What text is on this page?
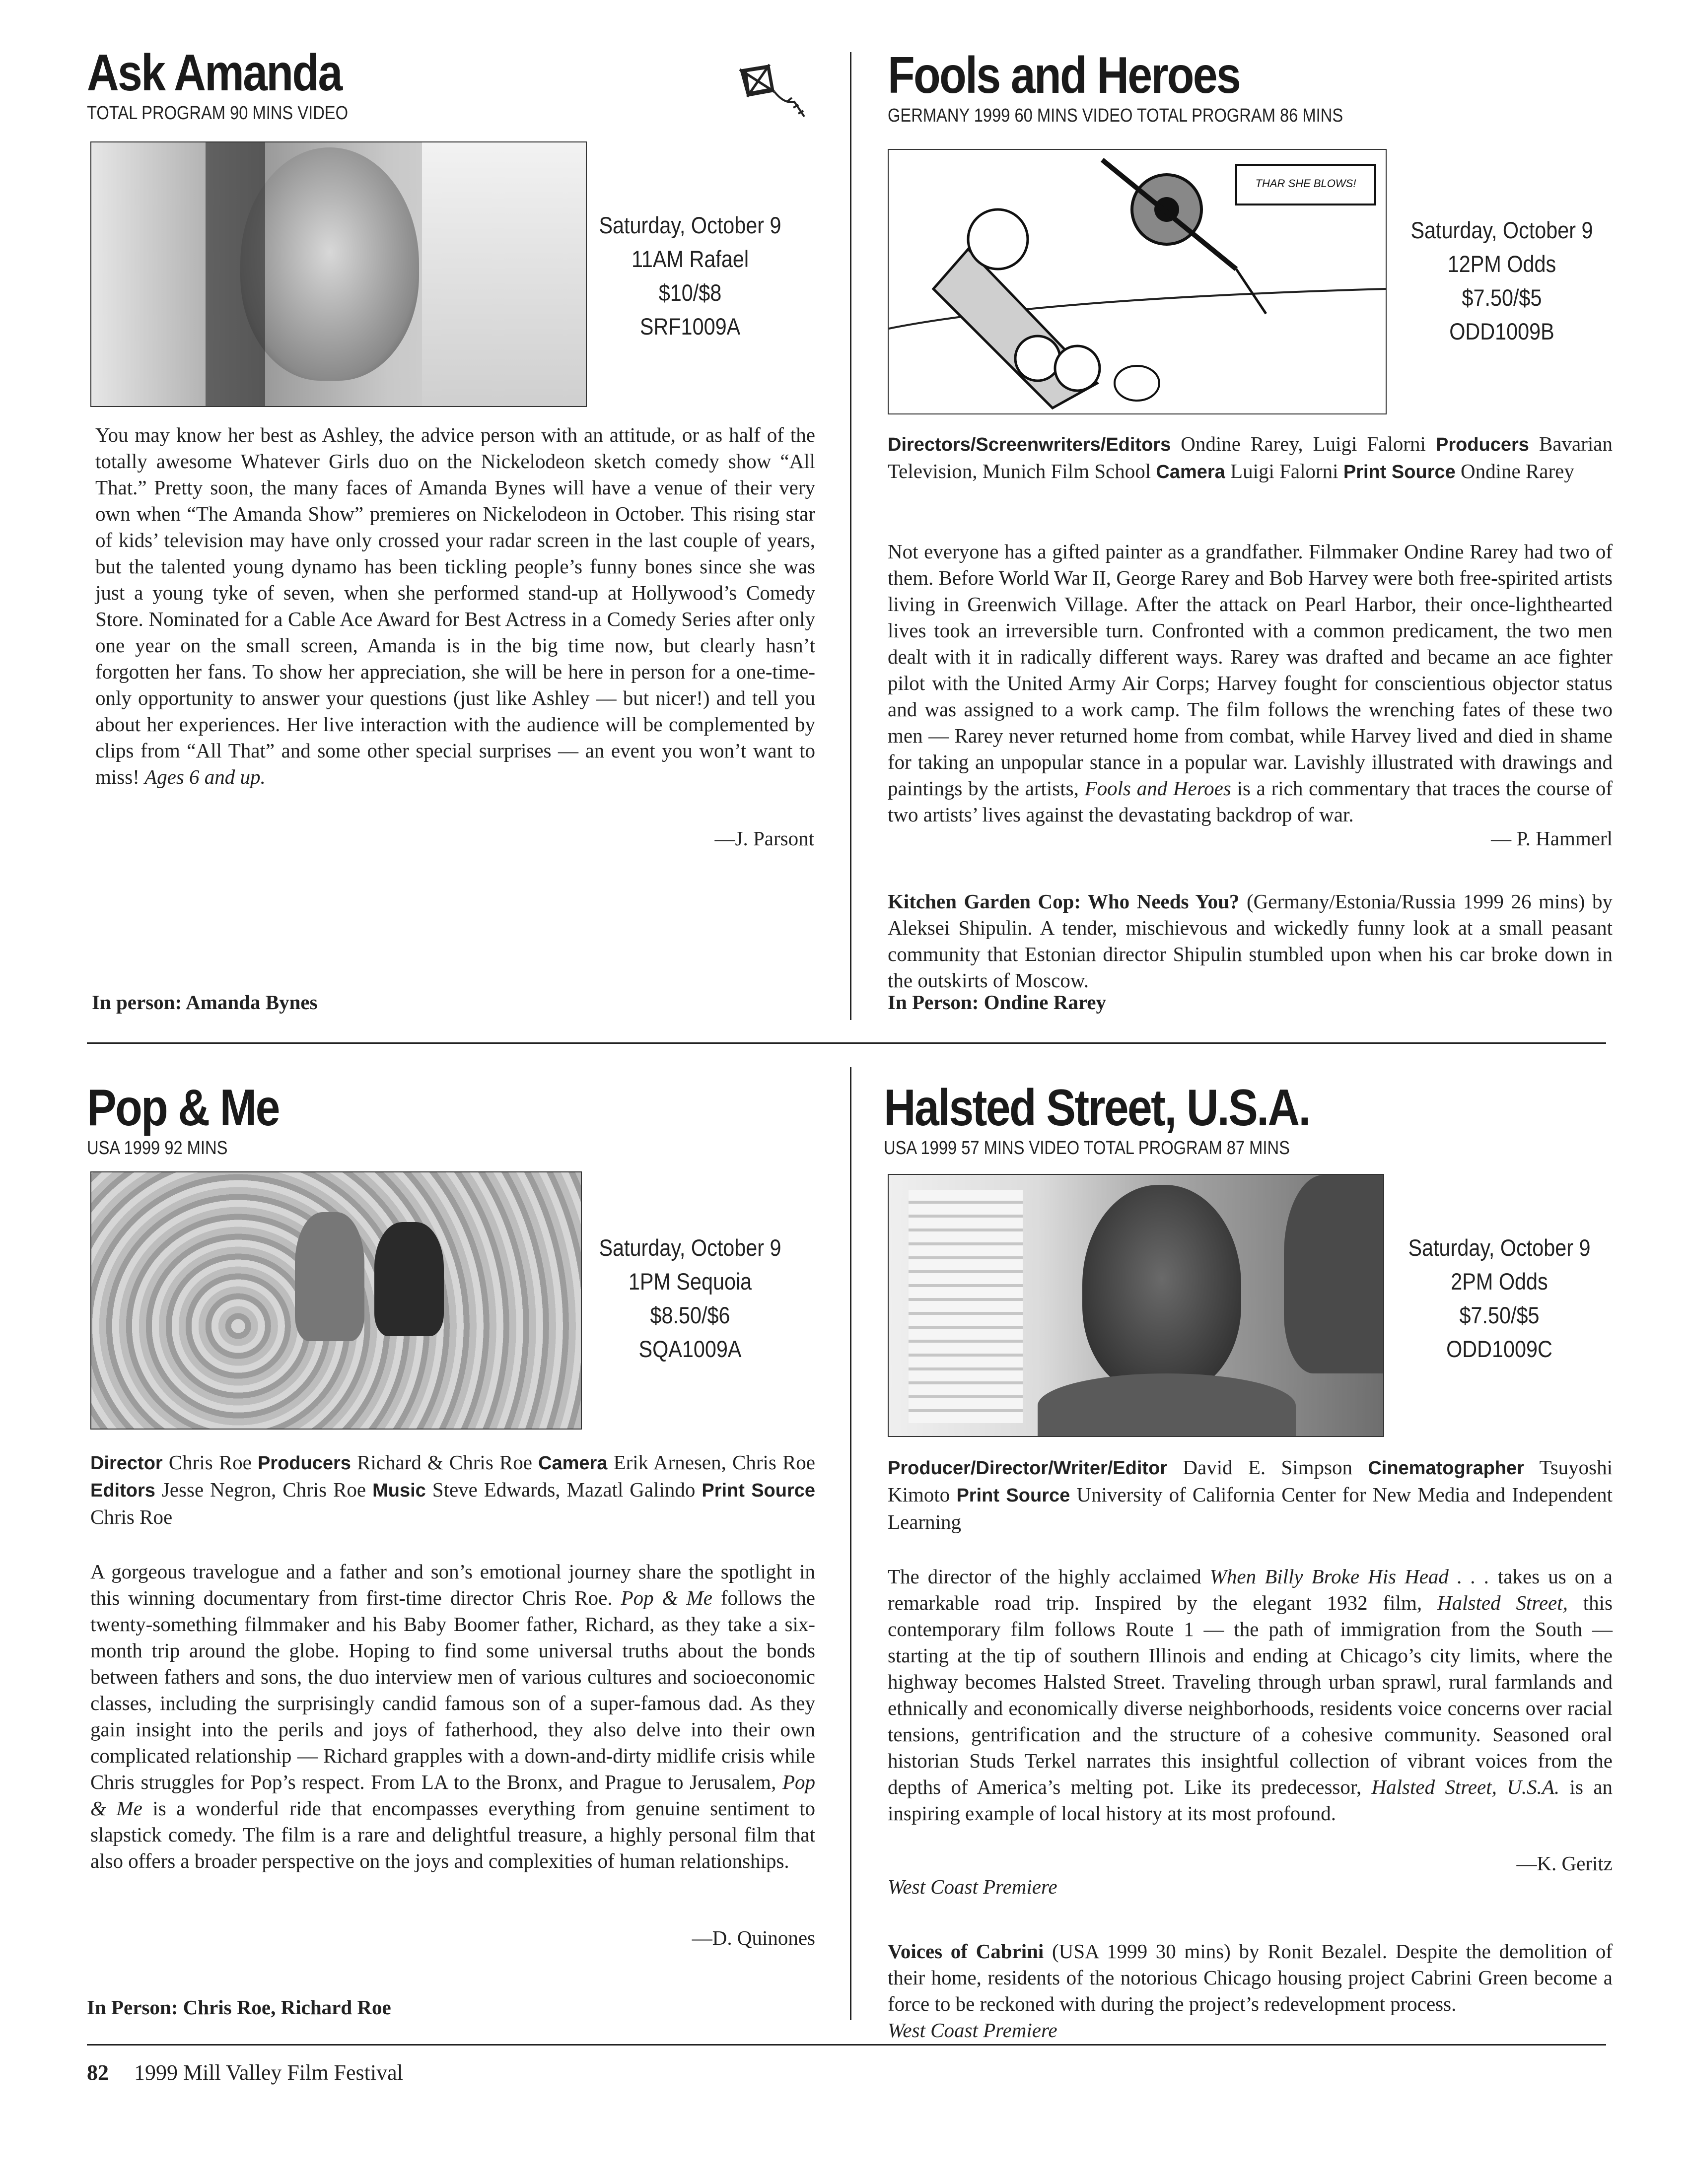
Ask Amanda
TOTAL PROGRAM 90 MINS VIDEO
Saturday, October 9
11AM Rafael
$10/$8
SRF1009A
You may know her best as Ashley, the advice person with an attitude, or as half of the totally awesome Whatever Girls duo on the Nickelodeon sketch comedy show “All That.” Pretty soon, the many faces of Amanda Bynes will have a venue of their very own when “The Amanda Show” premieres on Nickelodeon in October. This rising star of kids’ television may have only crossed your radar screen in the last couple of years, but the talented young dynamo has been tickling people’s funny bones since she was just a young tyke of seven, when she performed stand-up at Hollywood’s Comedy Store. Nominated for a Cable Ace Award for Best Actress in a Comedy Series after only one year on the small screen, Amanda is in the big time now, but clearly hasn’t forgotten her fans. To show her appreciation, she will be here in person for a one-time-only opportunity to answer your questions (just like Ashley — but nicer!) and tell you about her experiences. Her live interaction with the audience will be complemented by clips from “All That” and some other special surprises — an event you won’t want to miss! Ages 6 and up.
—J. Parsont
In person: Amanda Bynes
Fools and Heroes
GERMANY 1999 60 MINS VIDEO TOTAL PROGRAM 86 MINS
THAR SHE BLOWS!
Saturday, October 9
12PM Odds
$7.50/$5
ODD1009B
Directors/Screenwriters/Editors Ondine Rarey, Luigi Falorni Producers Bavarian Television, Munich Film School Camera Luigi Falorni Print Source Ondine Rarey
Not everyone has a gifted painter as a grandfather. Filmmaker Ondine Rarey had two of them. Before World War II, George Rarey and Bob Harvey were both free-spirited artists living in Greenwich Village. After the attack on Pearl Harbor, their once-lighthearted lives took an irreversible turn. Confronted with a common predicament, the two men dealt with it in radically different ways. Rarey was drafted and became an ace fighter pilot with the United Army Air Corps; Harvey fought for conscientious objector status and was assigned to a work camp. The film follows the wrenching fates of these two men — Rarey never returned home from combat, while Harvey lived and died in shame for taking an unpopular stance in a popular war. Lavishly illustrated with drawings and paintings by the artists, Fools and Heroes is a rich commentary that traces the course of two artists’ lives against the devastating backdrop of war.
— P. Hammerl
Kitchen Garden Cop: Who Needs You? (Germany/Estonia/Russia 1999 26 mins) by Aleksei Shipulin. A tender, mischievous and wickedly funny look at a small peasant community that Estonian director Shipulin stumbled upon when his car broke down in the outskirts of Moscow.
In Person: Ondine Rarey
Pop & Me
USA 1999 92 MINS
Saturday, October 9
1PM Sequoia
$8.50/$6
SQA1009A
Director Chris Roe Producers Richard & Chris Roe Camera Erik Arnesen, Chris Roe Editors Jesse Negron, Chris Roe Music Steve Edwards, Mazatl Galindo Print Source Chris Roe
A gorgeous travelogue and a father and son’s emotional journey share the spotlight in this winning documentary from first-time director Chris Roe. Pop & Me follows the twenty-something filmmaker and his Baby Boomer father, Richard, as they take a six-month trip around the globe. Hoping to find some universal truths about the bonds between fathers and sons, the duo interview men of various cultures and socioeconomic classes, including the surprisingly candid famous son of a super-famous dad. As they gain insight into the perils and joys of fatherhood, they also delve into their own complicated relationship — Richard grapples with a down-and-dirty midlife crisis while Chris struggles for Pop’s respect. From LA to the Bronx, and Prague to Jerusalem, Pop & Me is a wonderful ride that encompasses everything from genuine sentiment to slapstick comedy. The film is a rare and delightful treasure, a highly personal film that also offers a broader perspective on the joys and complexities of human relationships.
—D. Quinones
In Person: Chris Roe, Richard Roe
Halsted Street, U.S.A.
USA 1999 57 MINS VIDEO TOTAL PROGRAM 87 MINS
Saturday, October 9
2PM Odds
$7.50/$5
ODD1009C
Producer/Director/Writer/Editor David E. Simpson Cinematographer Tsuyoshi Kimoto Print Source University of California Center for New Media and Independent Learning
The director of the highly acclaimed When Billy Broke His Head . . . takes us on a remarkable road trip. Inspired by the elegant 1932 film, Halsted Street, this contemporary film follows Route 1 — the path of immigration from the South — starting at the tip of southern Illinois and ending at Chicago’s city limits, where the highway becomes Halsted Street. Traveling through urban sprawl, rural farmlands and ethnically and economically diverse neighborhoods, residents voice concerns over racial tensions, gentrification and the structure of a cohesive community. Seasoned oral historian Studs Terkel narrates this insightful collection of vibrant voices from the depths of America’s melting pot. Like its predecessor, Halsted Street, U.S.A. is an inspiring example of local history at its most profound.
—K. Geritz
West Coast Premiere
Voices of Cabrini (USA 1999 30 mins) by Ronit Bezalel. Despite the demolition of their home, residents of the notorious Chicago housing project Cabrini Green become a force to be reckoned with during the project’s redevelopment process.
West Coast Premiere
82 1999 Mill Valley Film Festival
